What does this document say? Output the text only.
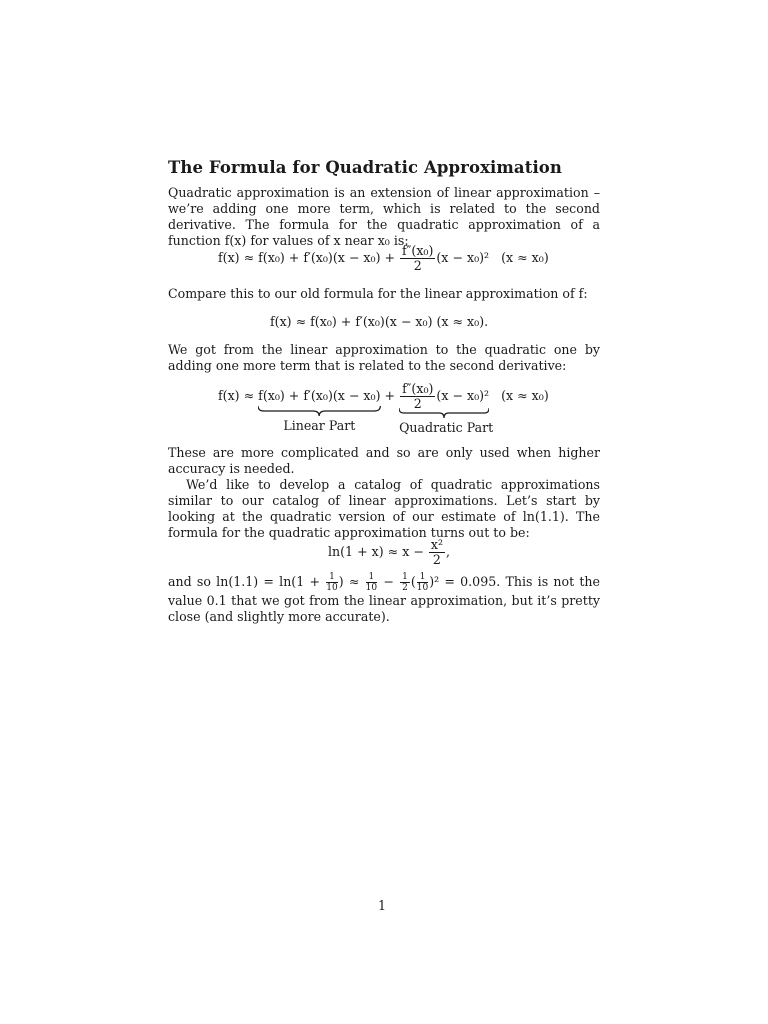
The Formula for Quadratic Approximation
Quadratic approximation is an extension of linear approximation – we’re adding one more term, which is related to the second derivative. The formula for the quadratic approximation of a function f(x) for values of x near x₀ is:
$f(x) \approx f(x_0) + f'(x_0)(x - x_0) + \frac{\text{f″(x₀)}}{2} (x - x_0)^2$ (x ≈ x₀)
Compare this to our old formula for the linear approximation of f:
f(x) ≈ f(x₀) + f′(x₀)(x − x₀) (x ≈ x₀).
We got from the linear approximation to the quadratic one by adding one more term that is related to the second derivative:
f(x) ≈ f(x₀) + f′(x₀)(x − x₀)
Linear Part
+ $\frac{\text{f″(x₀)}}{2} (x - x_0)^2$
Quadratic Part
(x ≈ x₀)
These are more complicated and so are only used when higher accuracy is needed.
We’d like to develop a catalog of quadratic approximations similar to our catalog of linear approximations. Let’s start by looking at the quadratic version of our estimate of ln(1.1). The formula for the quadratic approximation turns out to be:
$\ln(1 + x) \approx x - \frac{\text{x²}}{2}$ ,
and so $\ln(1.1) = \ln(1 + \frac{1}{10}$ ) ≈ $\frac{1}{10} - \frac{1}{2}$ ( $\frac{1}{10} )^2 = 0.095$. This is not the value 0.1 that we got from the linear approximation, but it’s pretty close (and slightly more accurate).
1
